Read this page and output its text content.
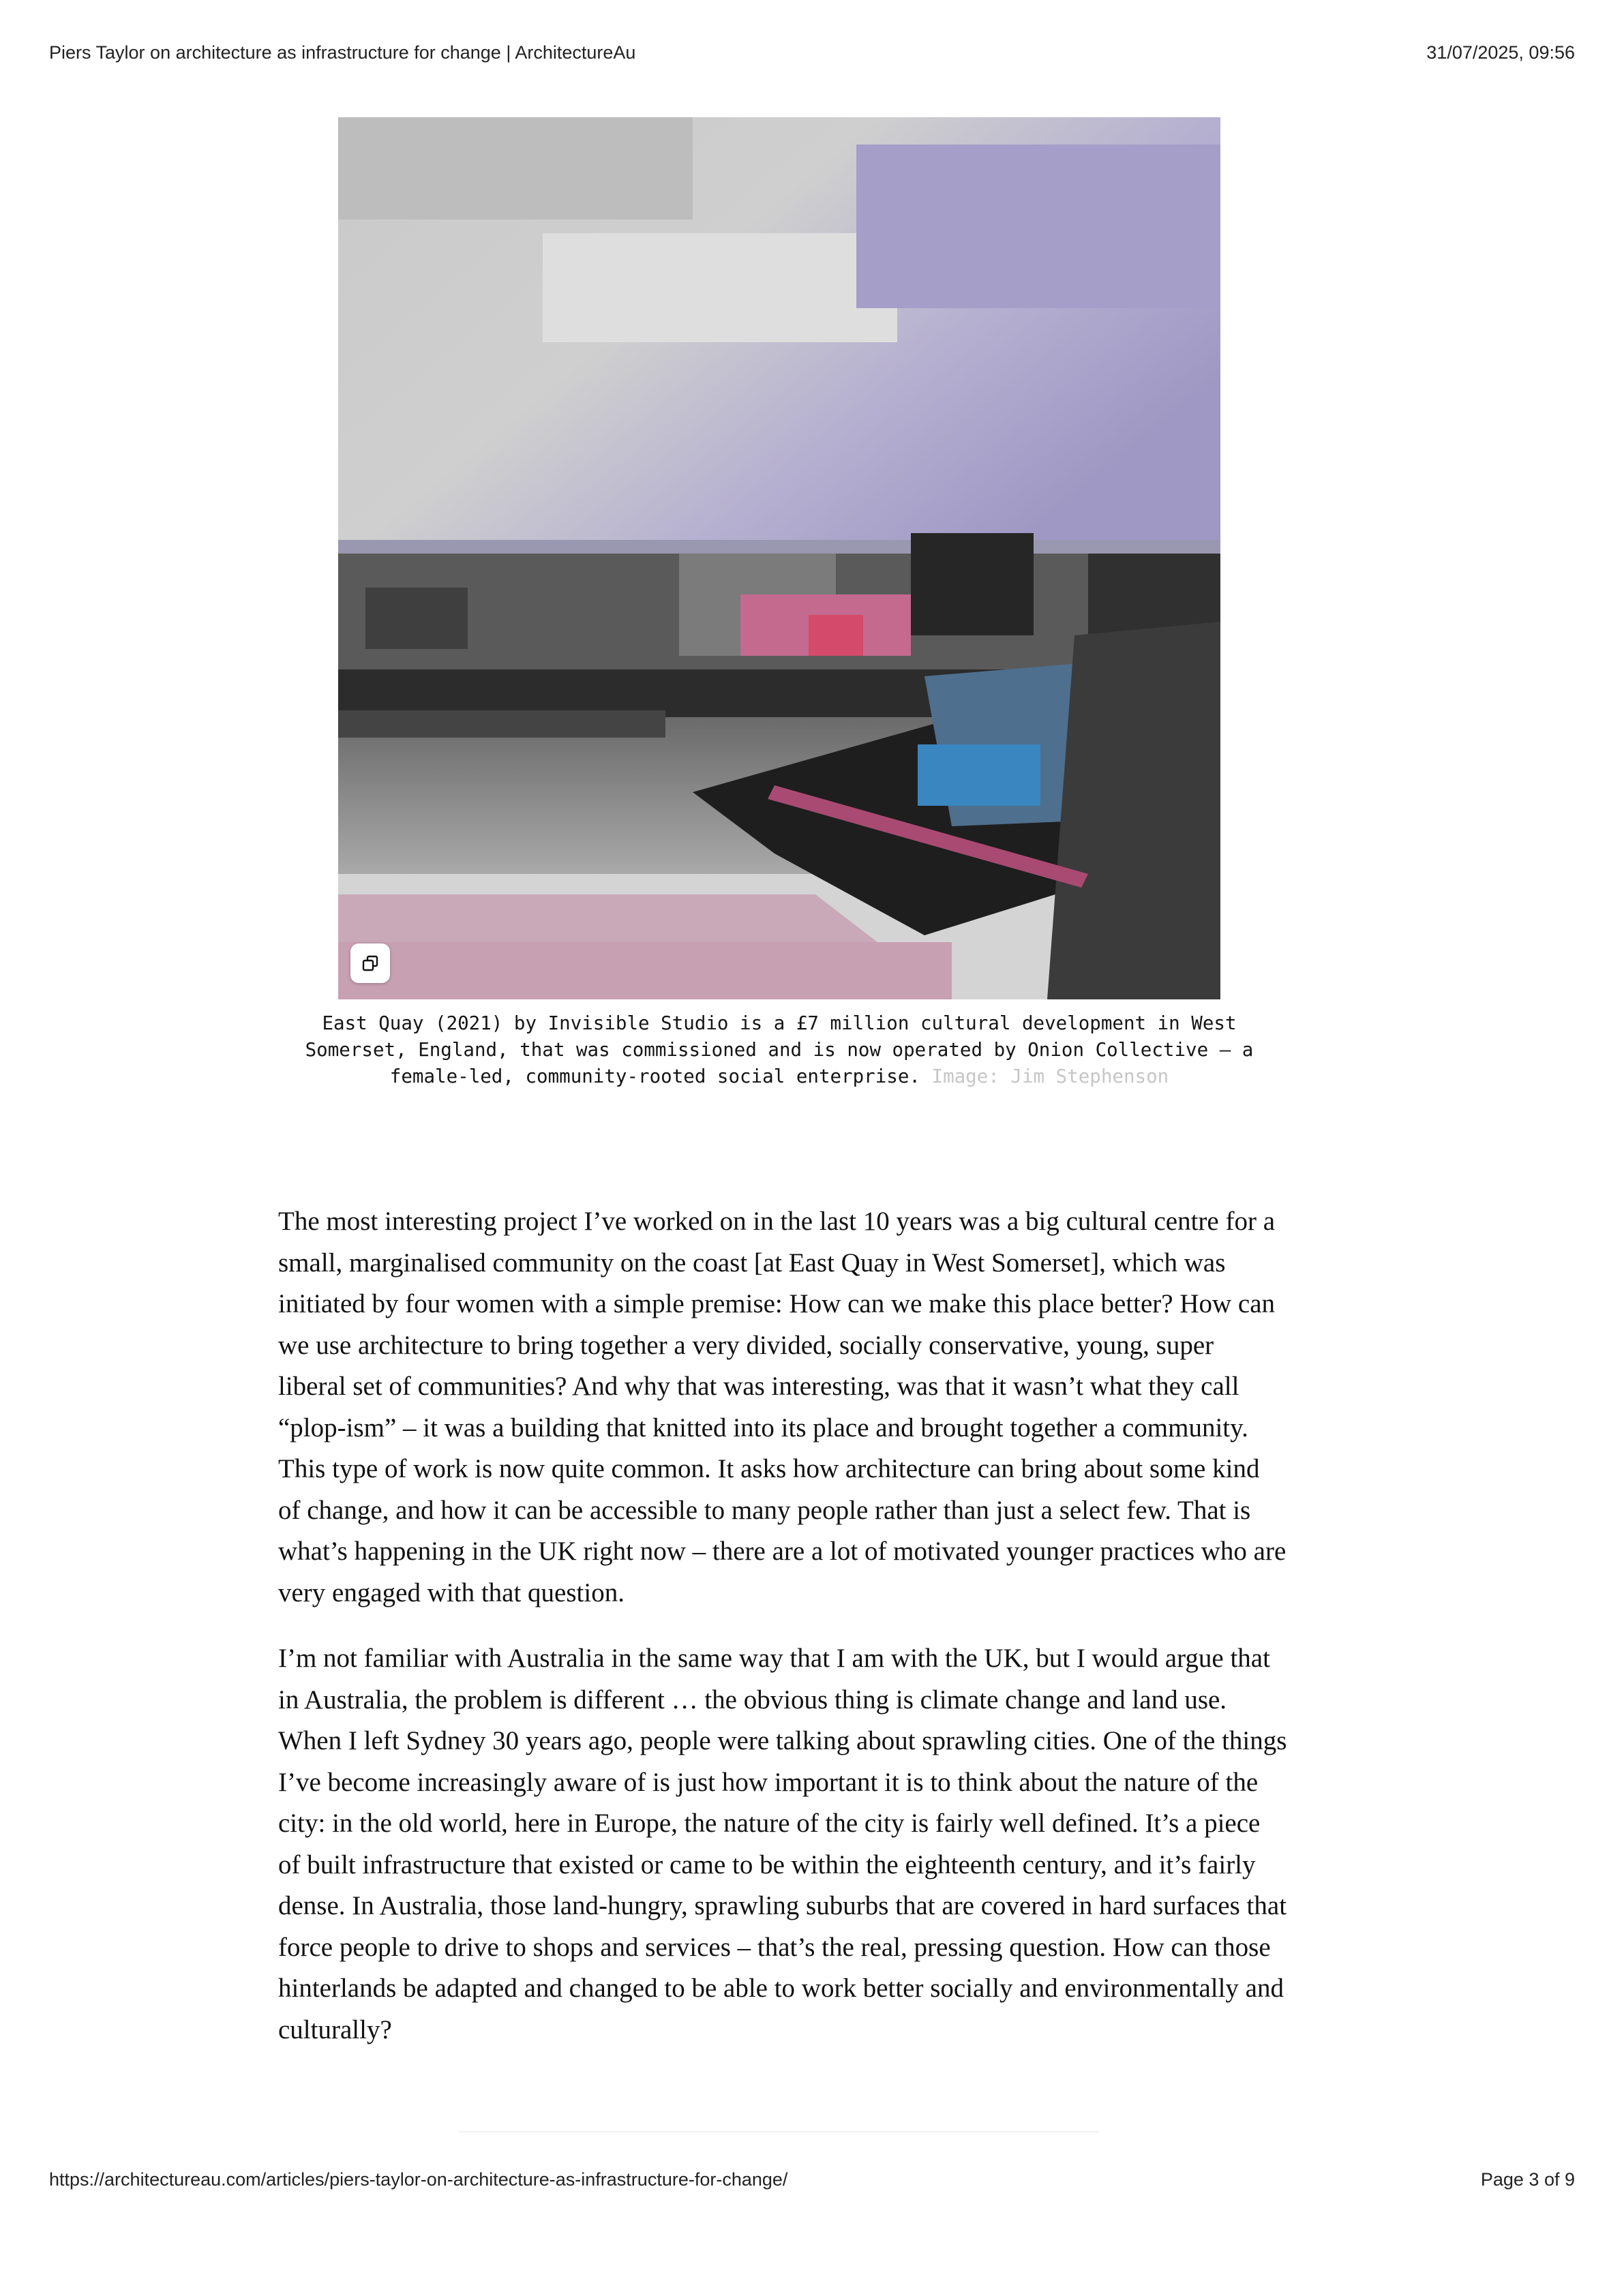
Piers Taylor on architecture as infrastructure for change | ArchitectureAu	31/07/2025, 09:56
East Quay (2021) by Invisible Studio is a £7 million cultural development in West Somerset, England, that was commissioned and is now operated by Onion Collective – a female-led, community-rooted social enterprise. Image: Jim Stephenson

The most interesting project I’ve worked on in the last 10 years was a big cultural centre for a small, marginalised community on the coast [at East Quay in West Somerset], which was initiated by four women with a simple premise: How can we make this place better? How can we use architecture to bring together a very divided, socially conservative, young, super liberal set of communities? And why that was interesting, was that it wasn’t what they call “plop-ism” – it was a building that knitted into its place and brought together a community. This type of work is now quite common. It asks how architecture can bring about some kind of change, and how it can be accessible to many people rather than just a select few. That is what’s happening in the UK right now – there are a lot of motivated younger practices who are very engaged with that question.

I’m not familiar with Australia in the same way that I am with the UK, but I would argue that in Australia, the problem is different … the obvious thing is climate change and land use. When I left Sydney 30 years ago, people were talking about sprawling cities. One of the things I’ve become increasingly aware of is just how important it is to think about the nature of the city: in the old world, here in Europe, the nature of the city is fairly well defined. It’s a piece of built infrastructure that existed or came to be within the eighteenth century, and it’s fairly dense. In Australia, those land-hungry, sprawling suburbs that are covered in hard surfaces that force people to drive to shops and services – that’s the real, pressing question. How can those hinterlands be adapted and changed to be able to work better socially and environmentally and culturally?

https://architectureau.com/articles/piers-taylor-on-architecture-as-infrastructure-for-change/	Page 3 of 9
